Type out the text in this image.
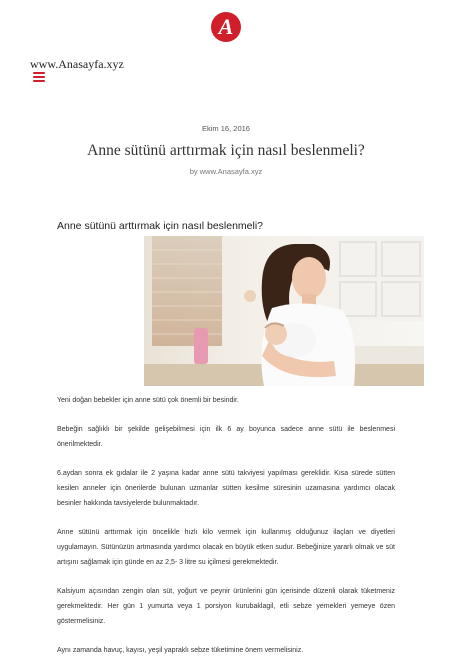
A
www.Anasayfa.xyz
Ekim 16, 2016
Anne sütünü arttırmak için nasıl beslenmeli?
by www.Anasayfa.xyz
Anne sütünü arttırmak için nasıl beslenmeli?

Yeni doğan bebekler için anne sütü çok önemli bir besindir.

Bebeğin sağlıklı bir şekilde gelişebilmesi için ilk 6 ay boyunca sadece anne sütü ile beslenmesi önerilmektedir.

6.aydan sonra ek gıdalar ile 2 yaşına kadar anne sütü takviyesi yapılması gereklidir. Kısa sürede sütten kesilen anneler için önerilerde bulunan uzmanlar sütten kesilme süresinin uzamasına yardımcı olacak besinler hakkında tavsiyelerde bulunmaktadır.

Anne sütünü arttırmak için öncelikle hızlı kilo vermek için kullanmış olduğunuz ilaçları ve diyetleri uygulamayın. Sütünüzün artmasında yardımcı olacak en büyük etken sudur. Bebeğinize yararlı olmak ve süt artışını sağlamak için günde en az 2,5- 3 litre su içilmesi gerekmektedir.

Kalsiyum açısından zengin olan süt, yoğurt ve peynir ürünlerini gün içerisinde düzenli olarak tüketmeniz gerekmektedir. Her gün 1 yumurta veya 1 porsiyon kurubaklagil, etli sebze yemekleri yemeye özen göstermelisiniz.

Aynı zamanda havuç, kayısı, yeşil yapraklı sebze tüketimine önem vermelisiniz.
